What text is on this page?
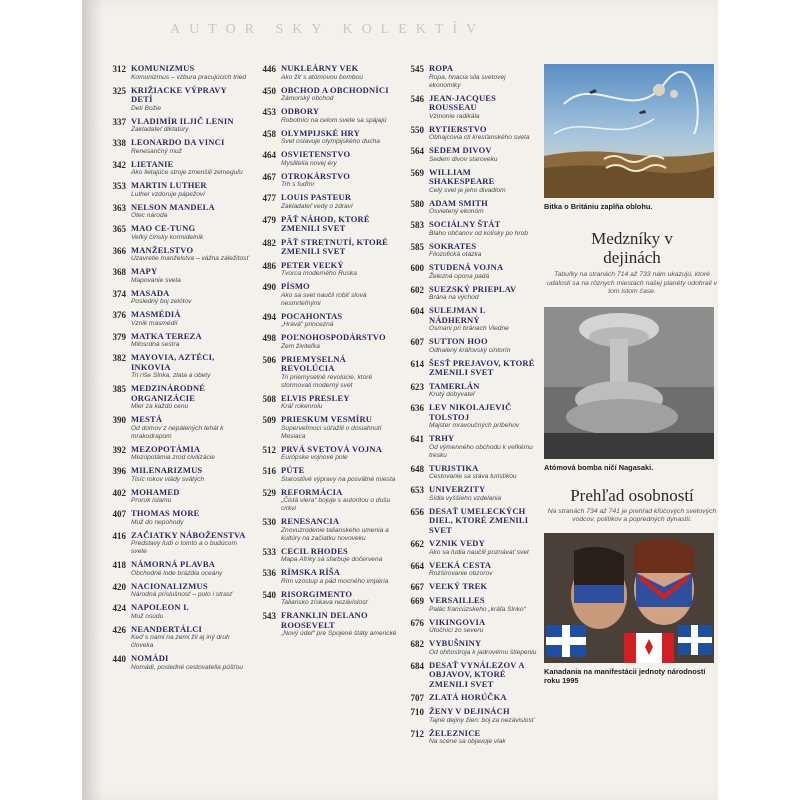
AUTOR SKY KOLEKTÍV
312 KOMUNIZMUS
Komunizmus – vzbura pracujúcich tried
325 KRIŽIACKE VÝPRAVY DETÍ
Deti Božie
337 VLADIMÍR ILJIČ LENIN
Zakladateľ diktatúry
338 LEONARDO DA VINCI
Renesančný muž
342 LIETANIE
Ako lietajúce stroje zmenšili zemeguľu
353 MARTIN LUTHER
Luther vzdoruje pápežovi
363 NELSON MANDELA
Otec národa
365 MAO CE-TUNG
Veľký čínsky kormidelník
366 MANŽELSTVO
Uzavretie manželstva – vážna záležitosť
368 MAPY
Mapovanie sveta
374 MASADA
Posledný boj zelótov
376 MASMÉDIÁ
Vznik masmédií
379 MATKA TEREZA
Milosrdná sestra
382 MAYOVIA, AZTÉCI, INKOVIA
Tri ríše Slnka, zlata a obety
385 MEDZINÁRODNÉ ORGANIZÁCIE
Mier za každú cenu
390 MESTÁ
Od domov z nepálených tehál k mrakodrapom
392 MEZOPOTÁMIA
Mezopotámia zrod civilizácie
396 MILENARIZMUS
Tisíc rokov vlády svätých
402 MOHAMED
Prorok islamu
407 THOMAS MORE
Muž do nepohody
416 ZAČIATKY NÁBOŽENSTVA
Predstavy ľudí o tomto a o budúcom svete
418 NÁMORNÁ PLAVBA
Obchodné lode brázdia oceány
420 NACIONALIZMUS
Národná príslušnosť – puto i strasť
424 NAPOLEON I.
Muž osudu
426 NEANDERTÁLCI
Keď s nami na zemi žil aj iný druh človeka
440 NOMÁDI
Nomádi, posledné cestovatelia púšťou
446 NUKLEÁRNY VEK
Ako žiť s atómovou bombou
450 OBCHOD A OBCHODNÍCI
Zámorský obchod
453 ODBORY
Robotníci na celom svete sa spájajú
458 OLYMPIJSKÉ HRY
Svet oslavuje olympijského ducha
464 OSVIETENSTVO
Myslitelia novej éry
467 OTROKÁRSTVO
Trh s ľuďmi
477 LOUIS PASTEUR
Zakladateľ vedy o zdraví
479 PÄŤ NÁHOD, KTORÉ ZMENILI SVET
482 PÄŤ STRETNUTÍ, KTORÉ ZMENILI SVET
486 PETER VEĽKÝ
Tvorca moderného Ruska
490 PÍSMO
Ako sa svet naučil robiť slová nesmrteľnými
494 POCAHONTAS
„Hravá“ princezná
498 POĽNOHOSPODÁRSTVO
Zem živiteľka
506 PRIEMYSELNÁ REVOLÚCIA
Tri priemyselné revolúcie, ktoré sformovali moderný svet
508 ELVIS PRESLEY
Kráľ rokenrolu
509 PRIESKUM VESMÍRU
Superveľmoci súťažili o dosiahnutí Mesiaca
512 PRVÁ SVETOVÁ VOJNA
Európske vojnové pole
516 PÚTE
Starostlivé výpravy na posvätné miesta
529 REFORMÁCIA
„Čistá viera“ bojuje s autoritou o dušu cirkvi
530 RENESANCIA
Znovuzrodenie talianskeho umenia a kultúry na začiatku novoveku
533 CECIL RHODES
Mapa Afriky sa sfarbuje dočervena
536 RÍMSKA RÍŠA
Rím vzostup a pád mocného impéria
540 RISORGIMENTO
Taliansko získava nezávislosť
543 FRANKLIN DELANO ROOSEVELT
„Nový údel“ pre Spojené štáty americké
545 ROPA
Ropa, hnacia sila svetovej ekonomiky
546 JEAN-JACQUES ROUSSEAU
Vzmonie radikála
550 RYTIERSTVO
Obhajcovia cti kresťanského sveta
564 SEDEM DIVOV
Sedem divov staroveku
569 WILLIAM SHAKESPEARE
Celý svet je jeho divadlom
580 ADAM SMITH
Osvietený ekonóm
583 SOCIÁLNY ŠTÁT
Blaho občanov od kolísky po hrob
585 SOKRATES
Filozofická otázka
600 STUDENÁ VOJNA
Železná opona padá
602 SUEZSKÝ PRIEPLAV
Brána na východ
604 SULEJMAN I. NÁDHERNÝ
Osmani pri bránach Viedne
607 SUTTON HOO
Odhalený kráľovský cintorín
614 ŠESŤ PREJAVOV, KTORÉ ZMENILI SVET
623 TAMERLÁN
Krutý dobyvateľ
636 LEV NIKOLAJEVIČ TOLSTOJ
Majster mravoučných príbehov
641 TRHY
Od výmenného obchodu k veľkému tresku
648 TURISTIKA
Cestovanie sa stáva turistikou
653 UNIVERZITY
Sídla vyššieho vzdelania
656 DESAŤ UMELECKÝCH DIEL, KTORÉ ZMENILI SVET
662 VZNIK VEDY
Ako sa ľudia naučili poznávať svet
664 VEĽKÁ CESTA
Rozširovanie obzorov
667 VEĽKÝ TREK
669 VERSAILLES
Palác francúzskeho „kráľa Slnko“
676 VIKINGOVIA
Útočníci zo severu
682 VYBUŠNINY
Od ohňostroja k jadrovému štiepeniu
684 DESAŤ VYNÁLEZOV A OBJAVOV, KTORÉ ZMENILI SVET
707 ZLATÁ HORÚČKA
710 ŽENY V DEJINÁCH
Tajné dejiny žien: boj za nezávislosť
712 ŽELEZNICE
Na scéne sa objavuje vlak
Bitka o Britániu zaplňa oblohu.
Medzníky v dejinách
Tabuľky na stranách 714 až 733 nám ukazujú, ktoré udalosti sa na rôznych miestach našej planéty odohrali v tom istom čase.
Atómová bomba ničí Nagasaki.
Prehľad osobností
Na stranách 734 až 741 je prehľad kľúčových svetových vodcov, politikov a popredných dynastií.
Kanadania na manifestácii jednoty národností roku 1995
